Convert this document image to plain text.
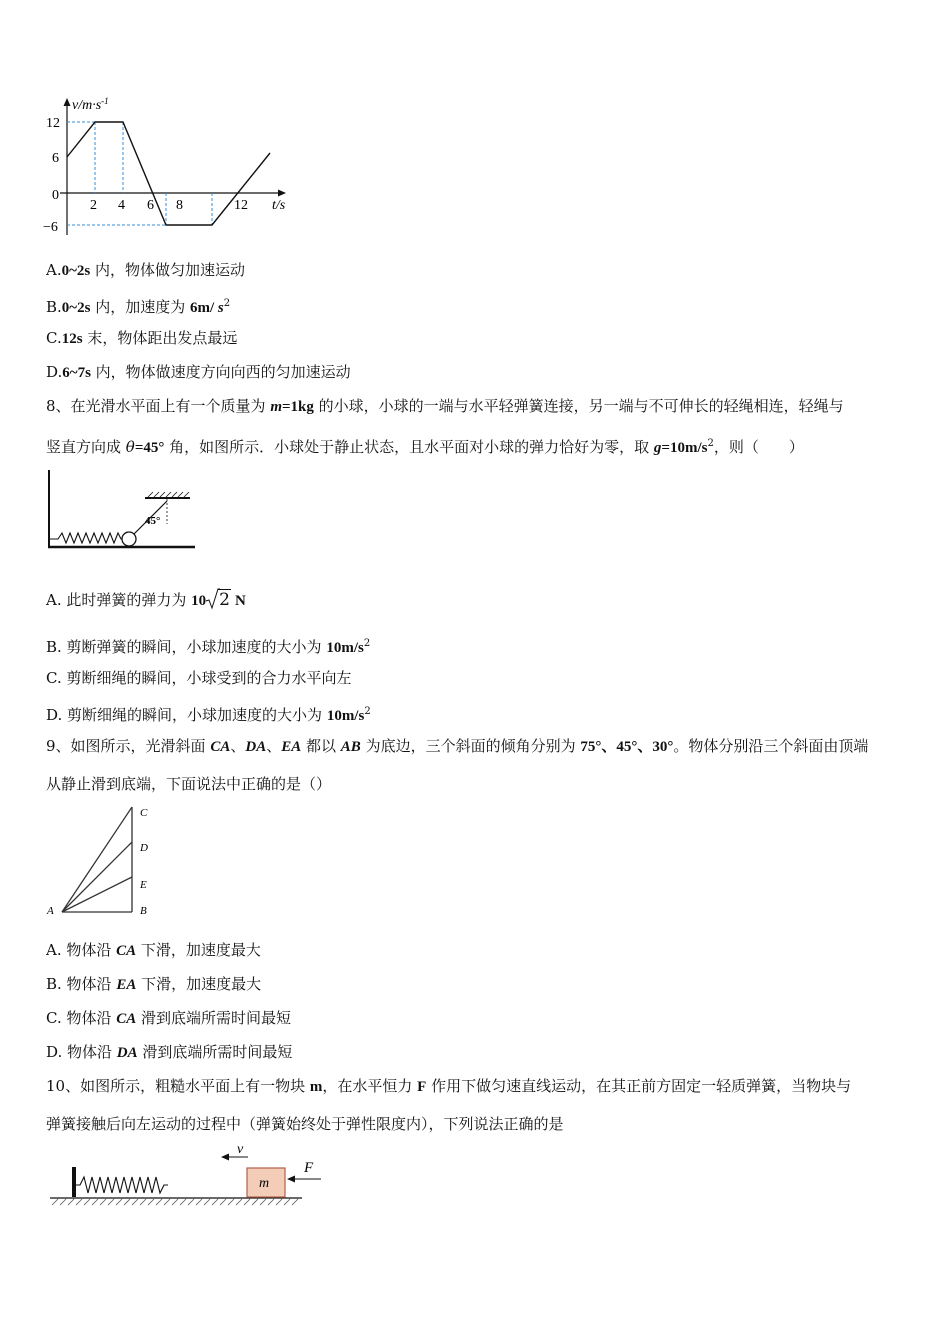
$v/m\cdot s^{-1}$
12
6
0
−6
2 4 6 8	12 t/s
A.0~2s 内，物体做匀加速运动
B.0~2s 内，加速度为 6m/ $s^2$
C.12s 末，物体距出发点最远
D.6~7s 内，物体做速度方向向西的匀加速运动
8、在光滑水平面上有一个质量为 m=1kg 的小球，小球的一端与水平轻弹簧连接，另一端与不可伸长的轻绳相连，轻绳与
竖直方向成 θ=45° 角，如图所示．小球处于静止状态，且水平面对小球的弹力恰好为零，取 $g=10m/s^2$，则（　　）
45°
A. 此时弹簧的弹力为 10 2 N
B. 剪断弹簧的瞬间，小球加速度的大小为 $10m/s^2$
C. 剪断细绳的瞬间，小球受到的合力水平向左
D. 剪断细绳的瞬间，小球加速度的大小为 $10m/s^2$
9、如图所示，光滑斜面 CA、DA、EA 都以 AB 为底边，三个斜面的倾角分别为 75°、45°、30°。物体分别沿三个斜面由顶端
从静止滑到底端，下面说法中正确的是（）
C
D
E
A	B
A. 物体沿 CA 下滑，加速度最大
B. 物体沿 EA 下滑，加速度最大
C. 物体沿 CA 滑到底端所需时间最短
D. 物体沿 DA 滑到底端所需时间最短
10、如图所示，粗糙水平面上有一物块 m，在水平恒力 F 作用下做匀速直线运动，在其正前方固定一轻质弹簧，当物块与
弹簧接触后向左运动的过程中（弹簧始终处于弹性限度内），下列说法正确的是
m
v
F
